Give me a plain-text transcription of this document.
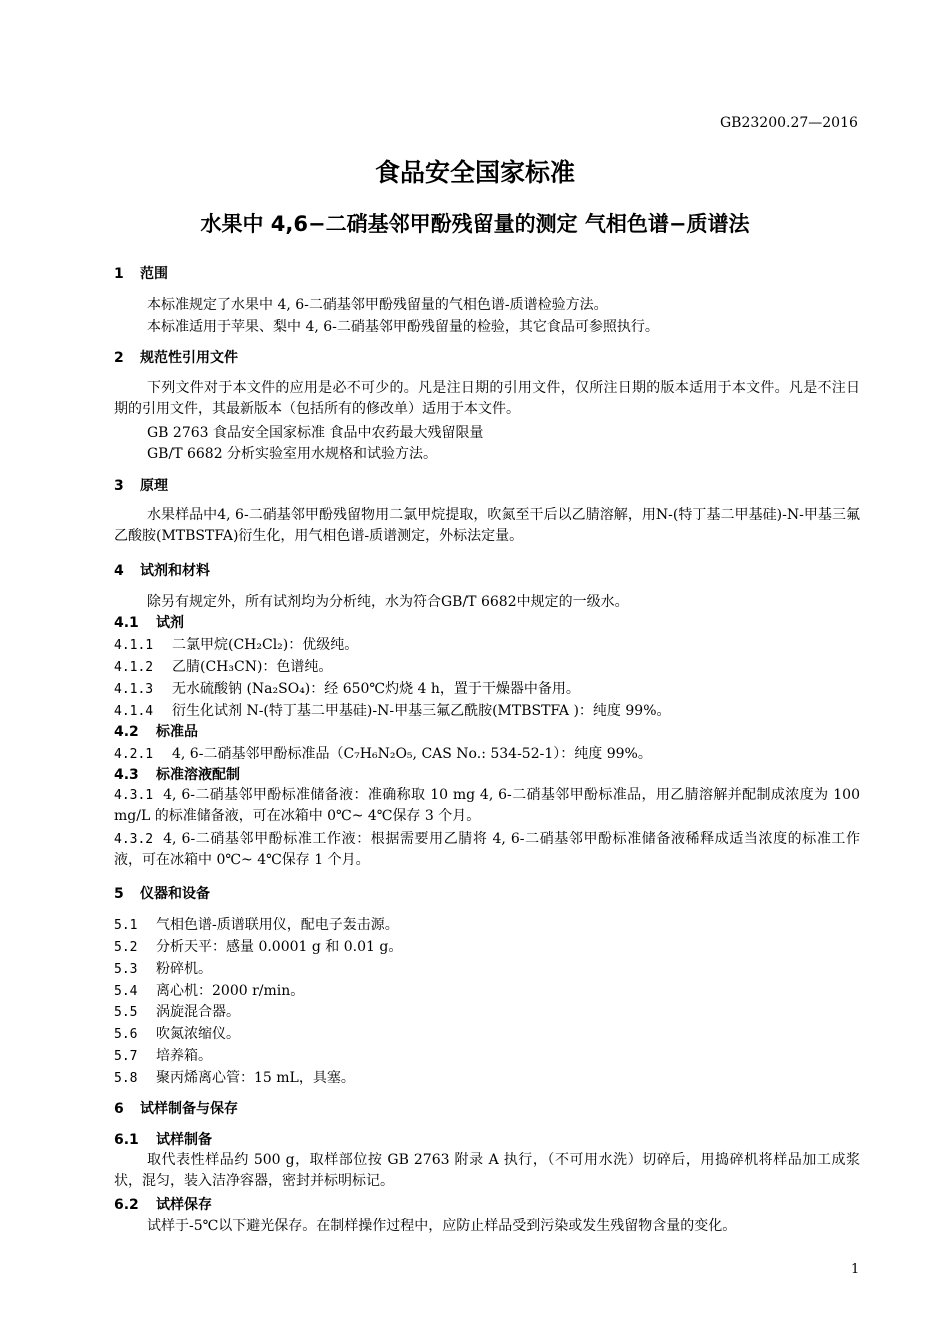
GB23200.27—2016
食品安全国家标准
水果中 4,6−二硝基邻甲酚残留量的测定 气相色谱−质谱法
1 范围
本标准规定了水果中 4, 6-二硝基邻甲酚残留量的气相色谱-质谱检验方法。
本标准适用于苹果、梨中 4, 6-二硝基邻甲酚残留量的检验，其它食品可参照执行。
2 规范性引用文件
下列文件对于本文件的应用是必不可少的。凡是注日期的引用文件，仅所注日期的版本适用于本文件。凡是不注日期的引用文件，其最新版本（包括所有的修改单）适用于本文件。
GB 2763 食品安全国家标准 食品中农药最大残留限量
GB/T 6682 分析实验室用水规格和试验方法。
3 原理
水果样品中4, 6-二硝基邻甲酚残留物用二氯甲烷提取，吹氮至干后以乙腈溶解，用N-(特丁基二甲基硅)-N-甲基三氟乙酸胺(MTBSTFA)衍生化，用气相色谱-质谱测定，外标法定量。
4 试剂和材料
除另有规定外，所有试剂均为分析纯，水为符合GB/T 6682中规定的一级水。
4.1 试剂
4.1.1 二氯甲烷(CH₂Cl₂)：优级纯。
4.1.2 乙腈(CH₃CN)：色谱纯。
4.1.3 无水硫酸钠 (Na₂SO₄)：经 650℃灼烧 4 h，置于干燥器中备用。
4.1.4 衍生化试剂 N-(特丁基二甲基硅)-N-甲基三氟乙酰胺(MTBSTFA )：纯度 99%。
4.2 标准品
4.2.1 4, 6-二硝基邻甲酚标准品（C₇H₆N₂O₅, CAS No.: 534-52-1）：纯度 99%。
4.3 标准溶液配制
4.3.1 4, 6-二硝基邻甲酚标准储备液：准确称取 10 mg 4, 6-二硝基邻甲酚标准品，用乙腈溶解并配制成浓度为 100 mg/L 的标准储备液，可在冰箱中 0℃~ 4℃保存 3 个月。
4.3.2 4, 6-二硝基邻甲酚标准工作液：根据需要用乙腈将 4, 6-二硝基邻甲酚标准储备液稀释成适当浓度的标准工作液，可在冰箱中 0℃~ 4℃保存 1 个月。
5 仪器和设备
5.1 气相色谱-质谱联用仪，配电子轰击源。
5.2 分析天平：感量 0.0001 g 和 0.01 g。
5.3 粉碎机。
5.4 离心机：2000 r/min。
5.5 涡旋混合器。
5.6 吹氮浓缩仪。
5.7 培养箱。
5.8 聚丙烯离心管：15 mL，具塞。
6 试样制备与保存
6.1 试样制备
取代表性样品约 500 g，取样部位按 GB 2763 附录 A 执行，（不可用水洗）切碎后，用捣碎机将样品加工成浆状，混匀，装入洁净容器，密封并标明标记。
6.2 试样保存
试样于-5℃以下避光保存。在制样操作过程中，应防止样品受到污染或发生残留物含量的变化。
1
